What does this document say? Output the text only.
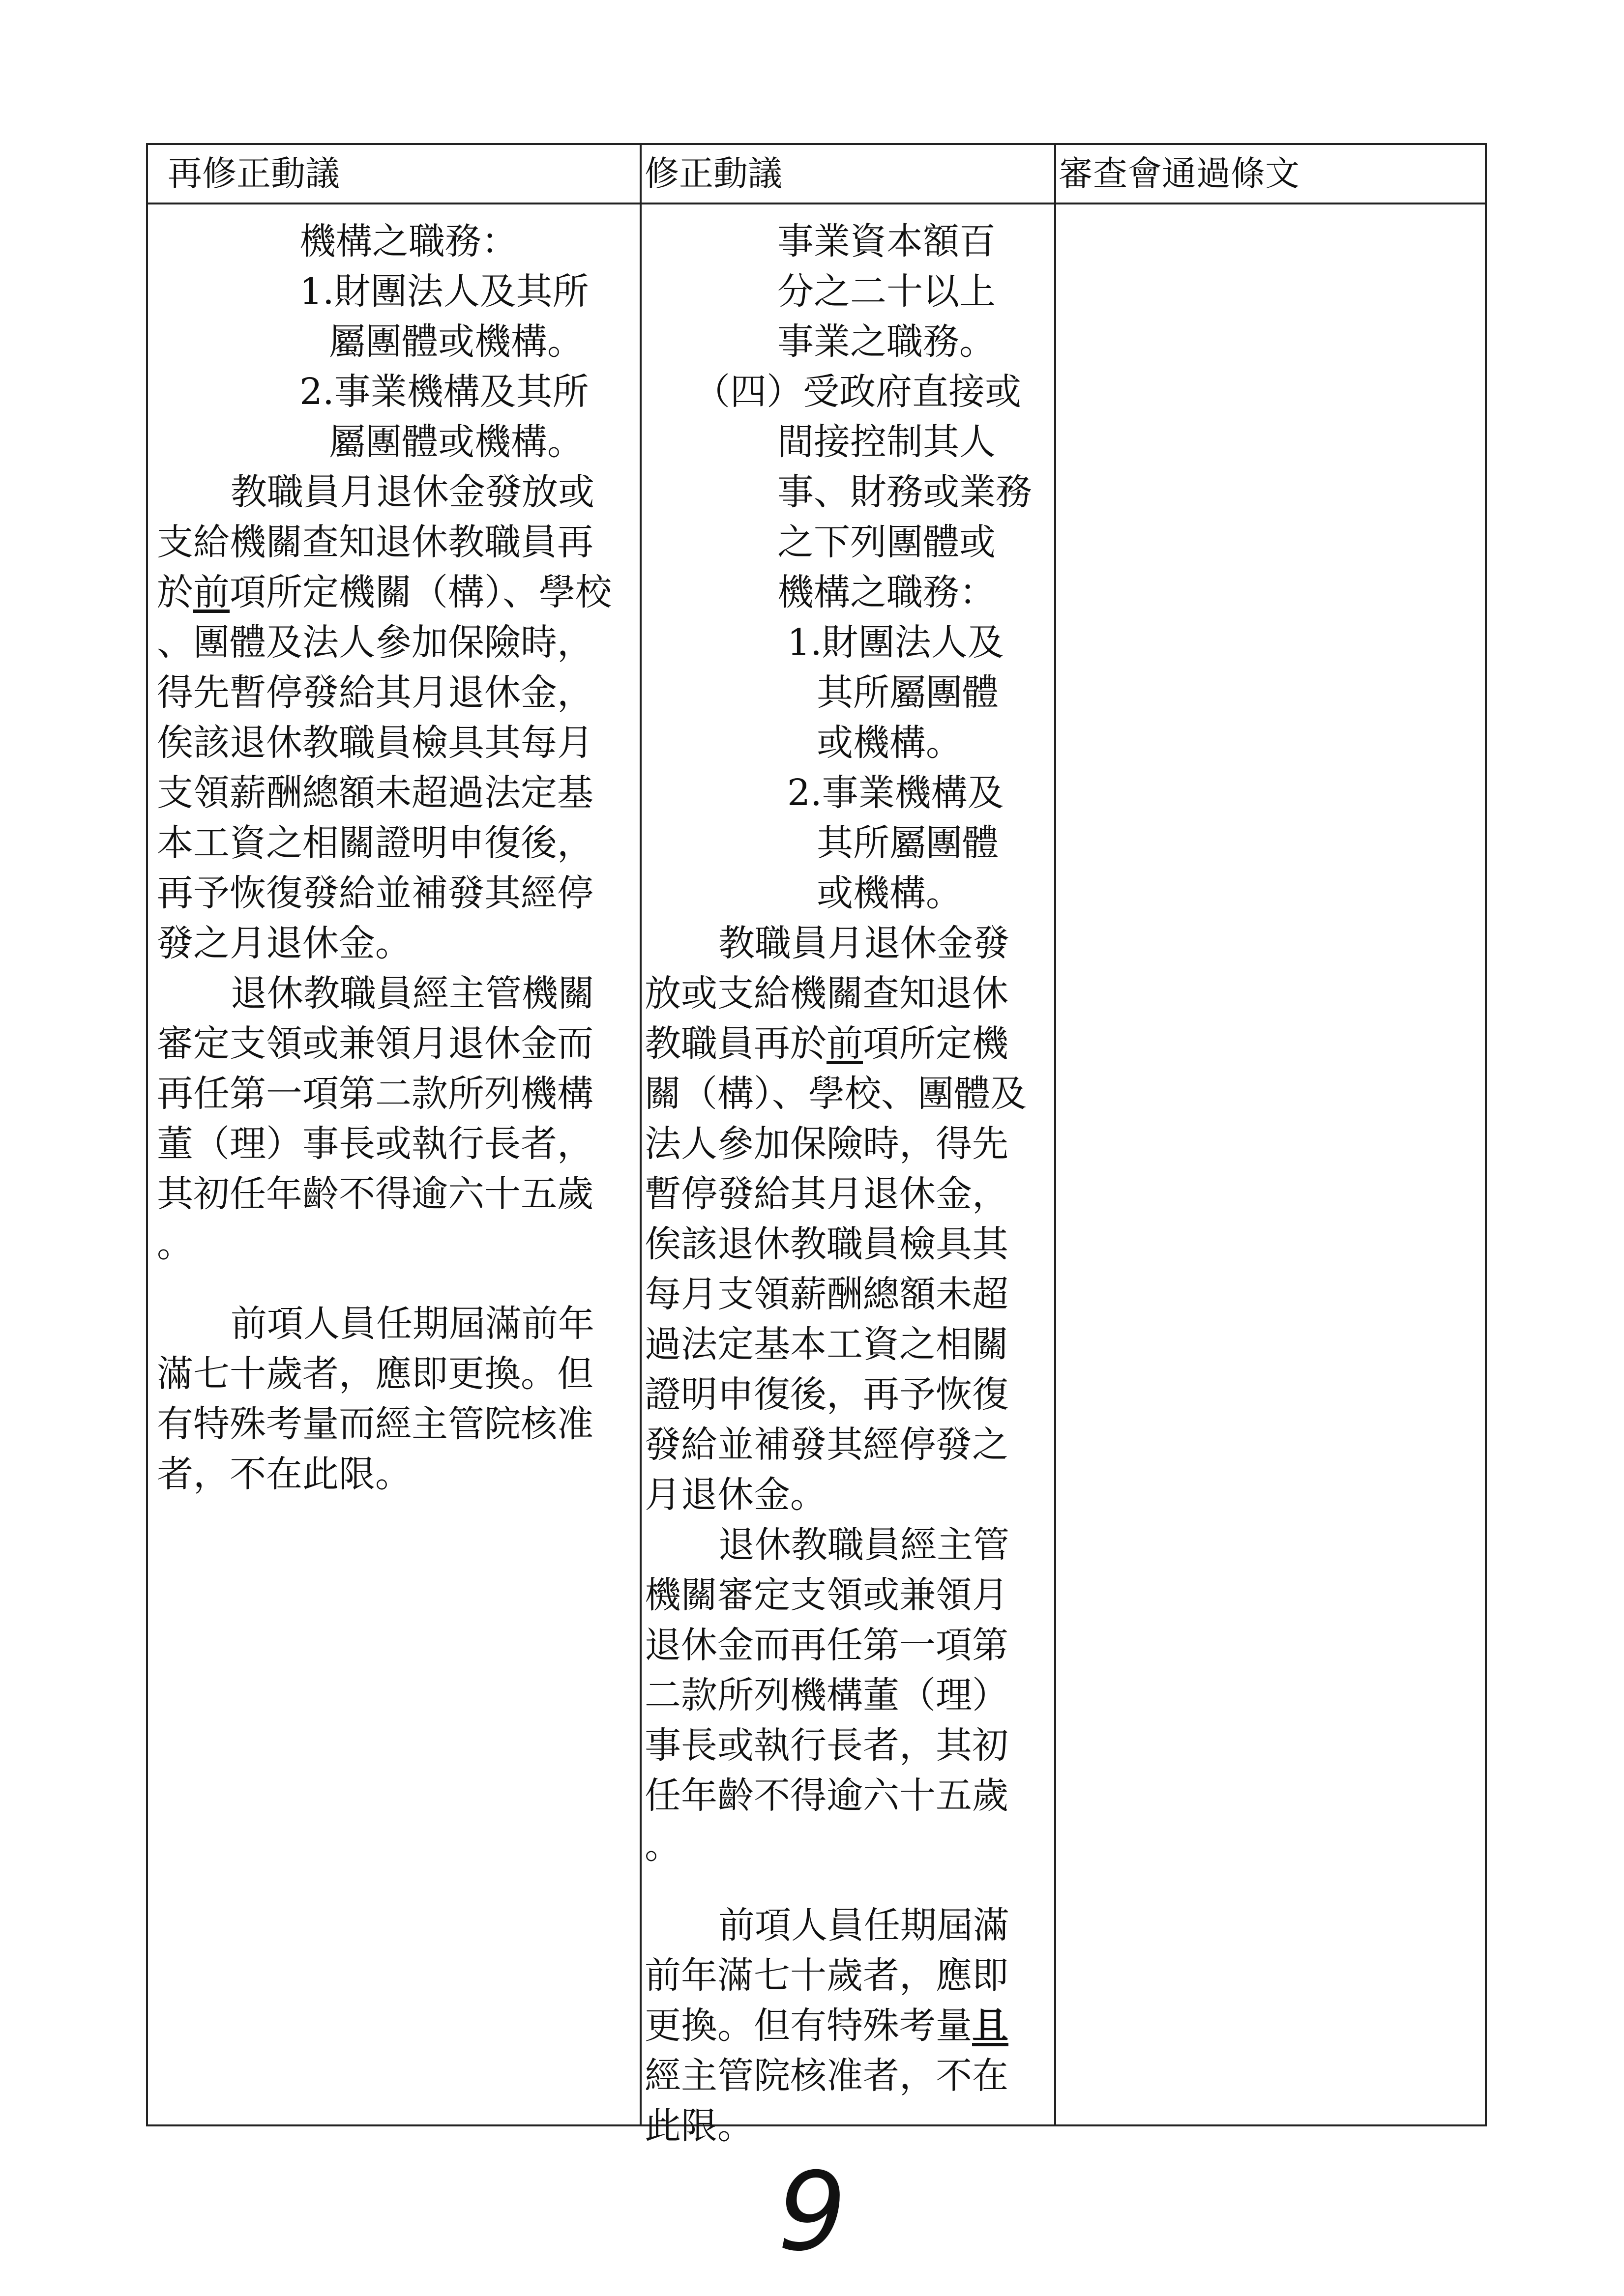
再修正動議	修正動議	審查會通過條文
機構之職務：
1.財團法人及其所
屬團體或機構。
2.事業機構及其所
屬團體或機構。
教職員月退休金發放或
支給機關查知退休教職員再
於前項所定機關（構）、學校
、團體及法人參加保險時，
得先暫停發給其月退休金，
俟該退休教職員檢具其每月
支領薪酬總額未超過法定基
本工資之相關證明申復後，
再予恢復發給並補發其經停
發之月退休金。
退休教職員經主管機關
審定支領或兼領月退休金而
再任第一項第二款所列機構
董（理）事長或執行長者，
其初任年齡不得逾六十五歲
。
前項人員任期屆滿前年
滿七十歲者，應即更換。但
有特殊考量而經主管院核准
者，不在此限。
事業資本額百
分之二十以上
事業之職務。
（四）受政府直接或
間接控制其人
事、財務或業務
之下列團體或
機構之職務：
1.財團法人及
其所屬團體
或機構。
2.事業機構及
其所屬團體
或機構。
教職員月退休金發
放或支給機關查知退休
教職員再於前項所定機
關（構）、學校、團體及
法人參加保險時，得先
暫停發給其月退休金，
俟該退休教職員檢具其
每月支領薪酬總額未超
過法定基本工資之相關
證明申復後，再予恢復
發給並補發其經停發之
月退休金。
退休教職員經主管
機關審定支領或兼領月
退休金而再任第一項第
二款所列機構董（理）
事長或執行長者，其初
任年齡不得逾六十五歲
。
前項人員任期屆滿
前年滿七十歲者，應即
更換。但有特殊考量且
經主管院核准者，不在
此限。
9
